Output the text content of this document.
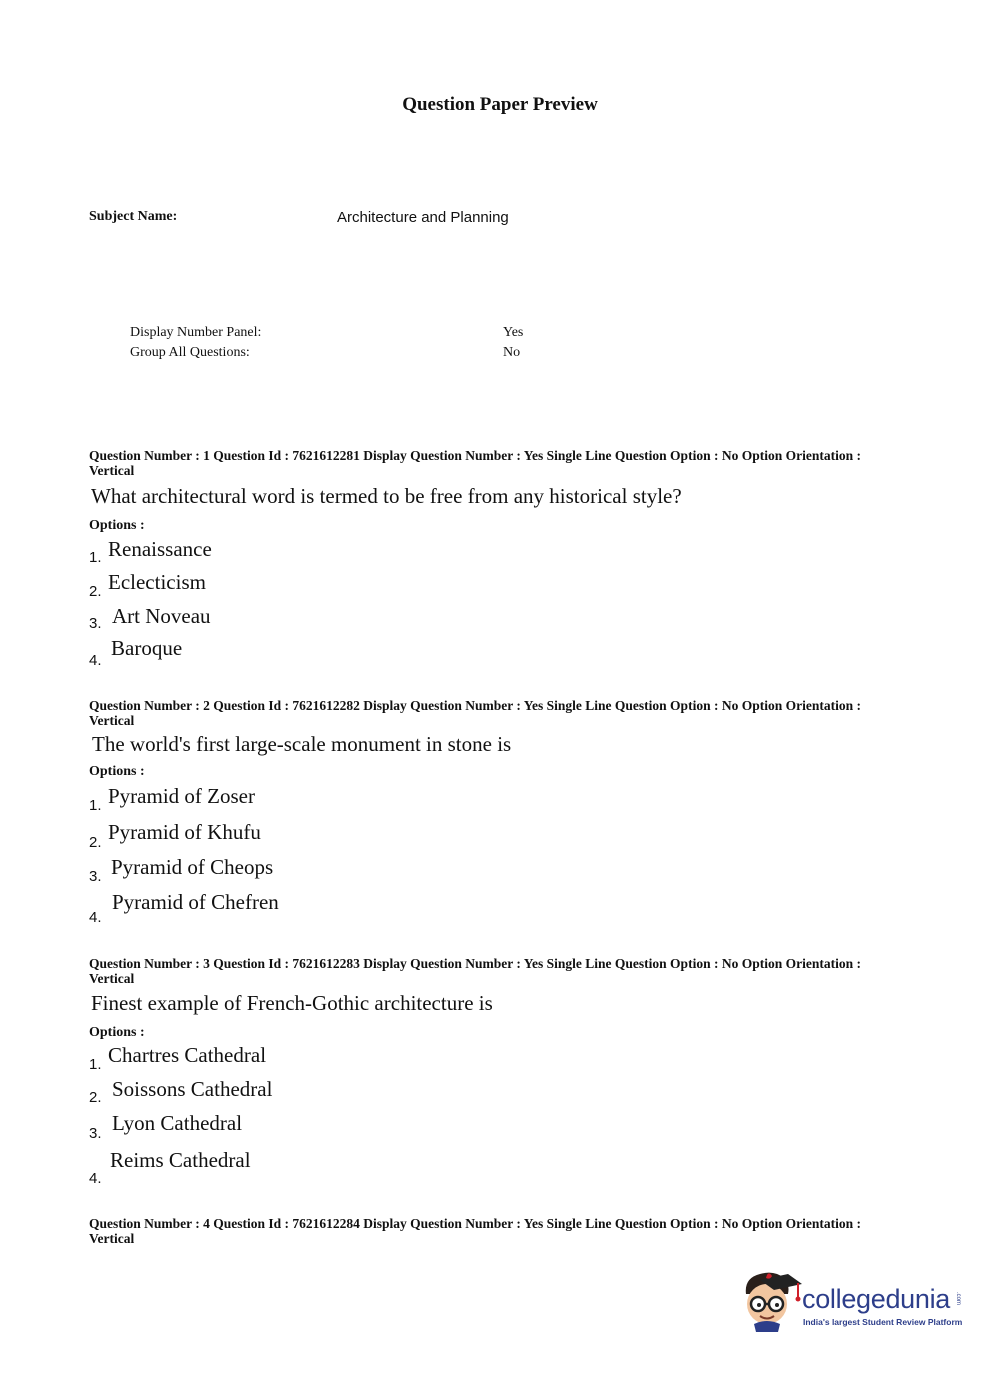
Question Paper Preview
Subject Name:	Architecture and Planning
Display Number Panel:	Yes
Group All Questions:	No
Question Number : 1 Question Id : 7621612281 Display Question Number : Yes Single Line Question Option : No Option Orientation : Vertical
What architectural word is termed to be free from any historical style?
Options :
1. Renaissance
2. Eclecticism
3. Art Noveau
4.
Baroque
Question Number : 2 Question Id : 7621612282 Display Question Number : Yes Single Line Question Option : No Option Orientation : Vertical
The world's first large-scale monument in stone is
Options :
1. Pyramid of Zoser
2. Pyramid of Khufu
3. Pyramid of Cheops
4.
Pyramid of Chefren
Question Number : 3 Question Id : 7621612283 Display Question Number : Yes Single Line Question Option : No Option Orientation : Vertical
Finest example of French-Gothic architecture is
Options :
1. Chartres Cathedral
2. Soissons Cathedral
3. Lyon Cathedral
4.
Reims Cathedral
Question Number : 4 Question Id : 7621612284 Display Question Number : Yes Single Line Question Option : No Option Orientation : Vertical
collegedunia .com
India's largest Student Review Platform
